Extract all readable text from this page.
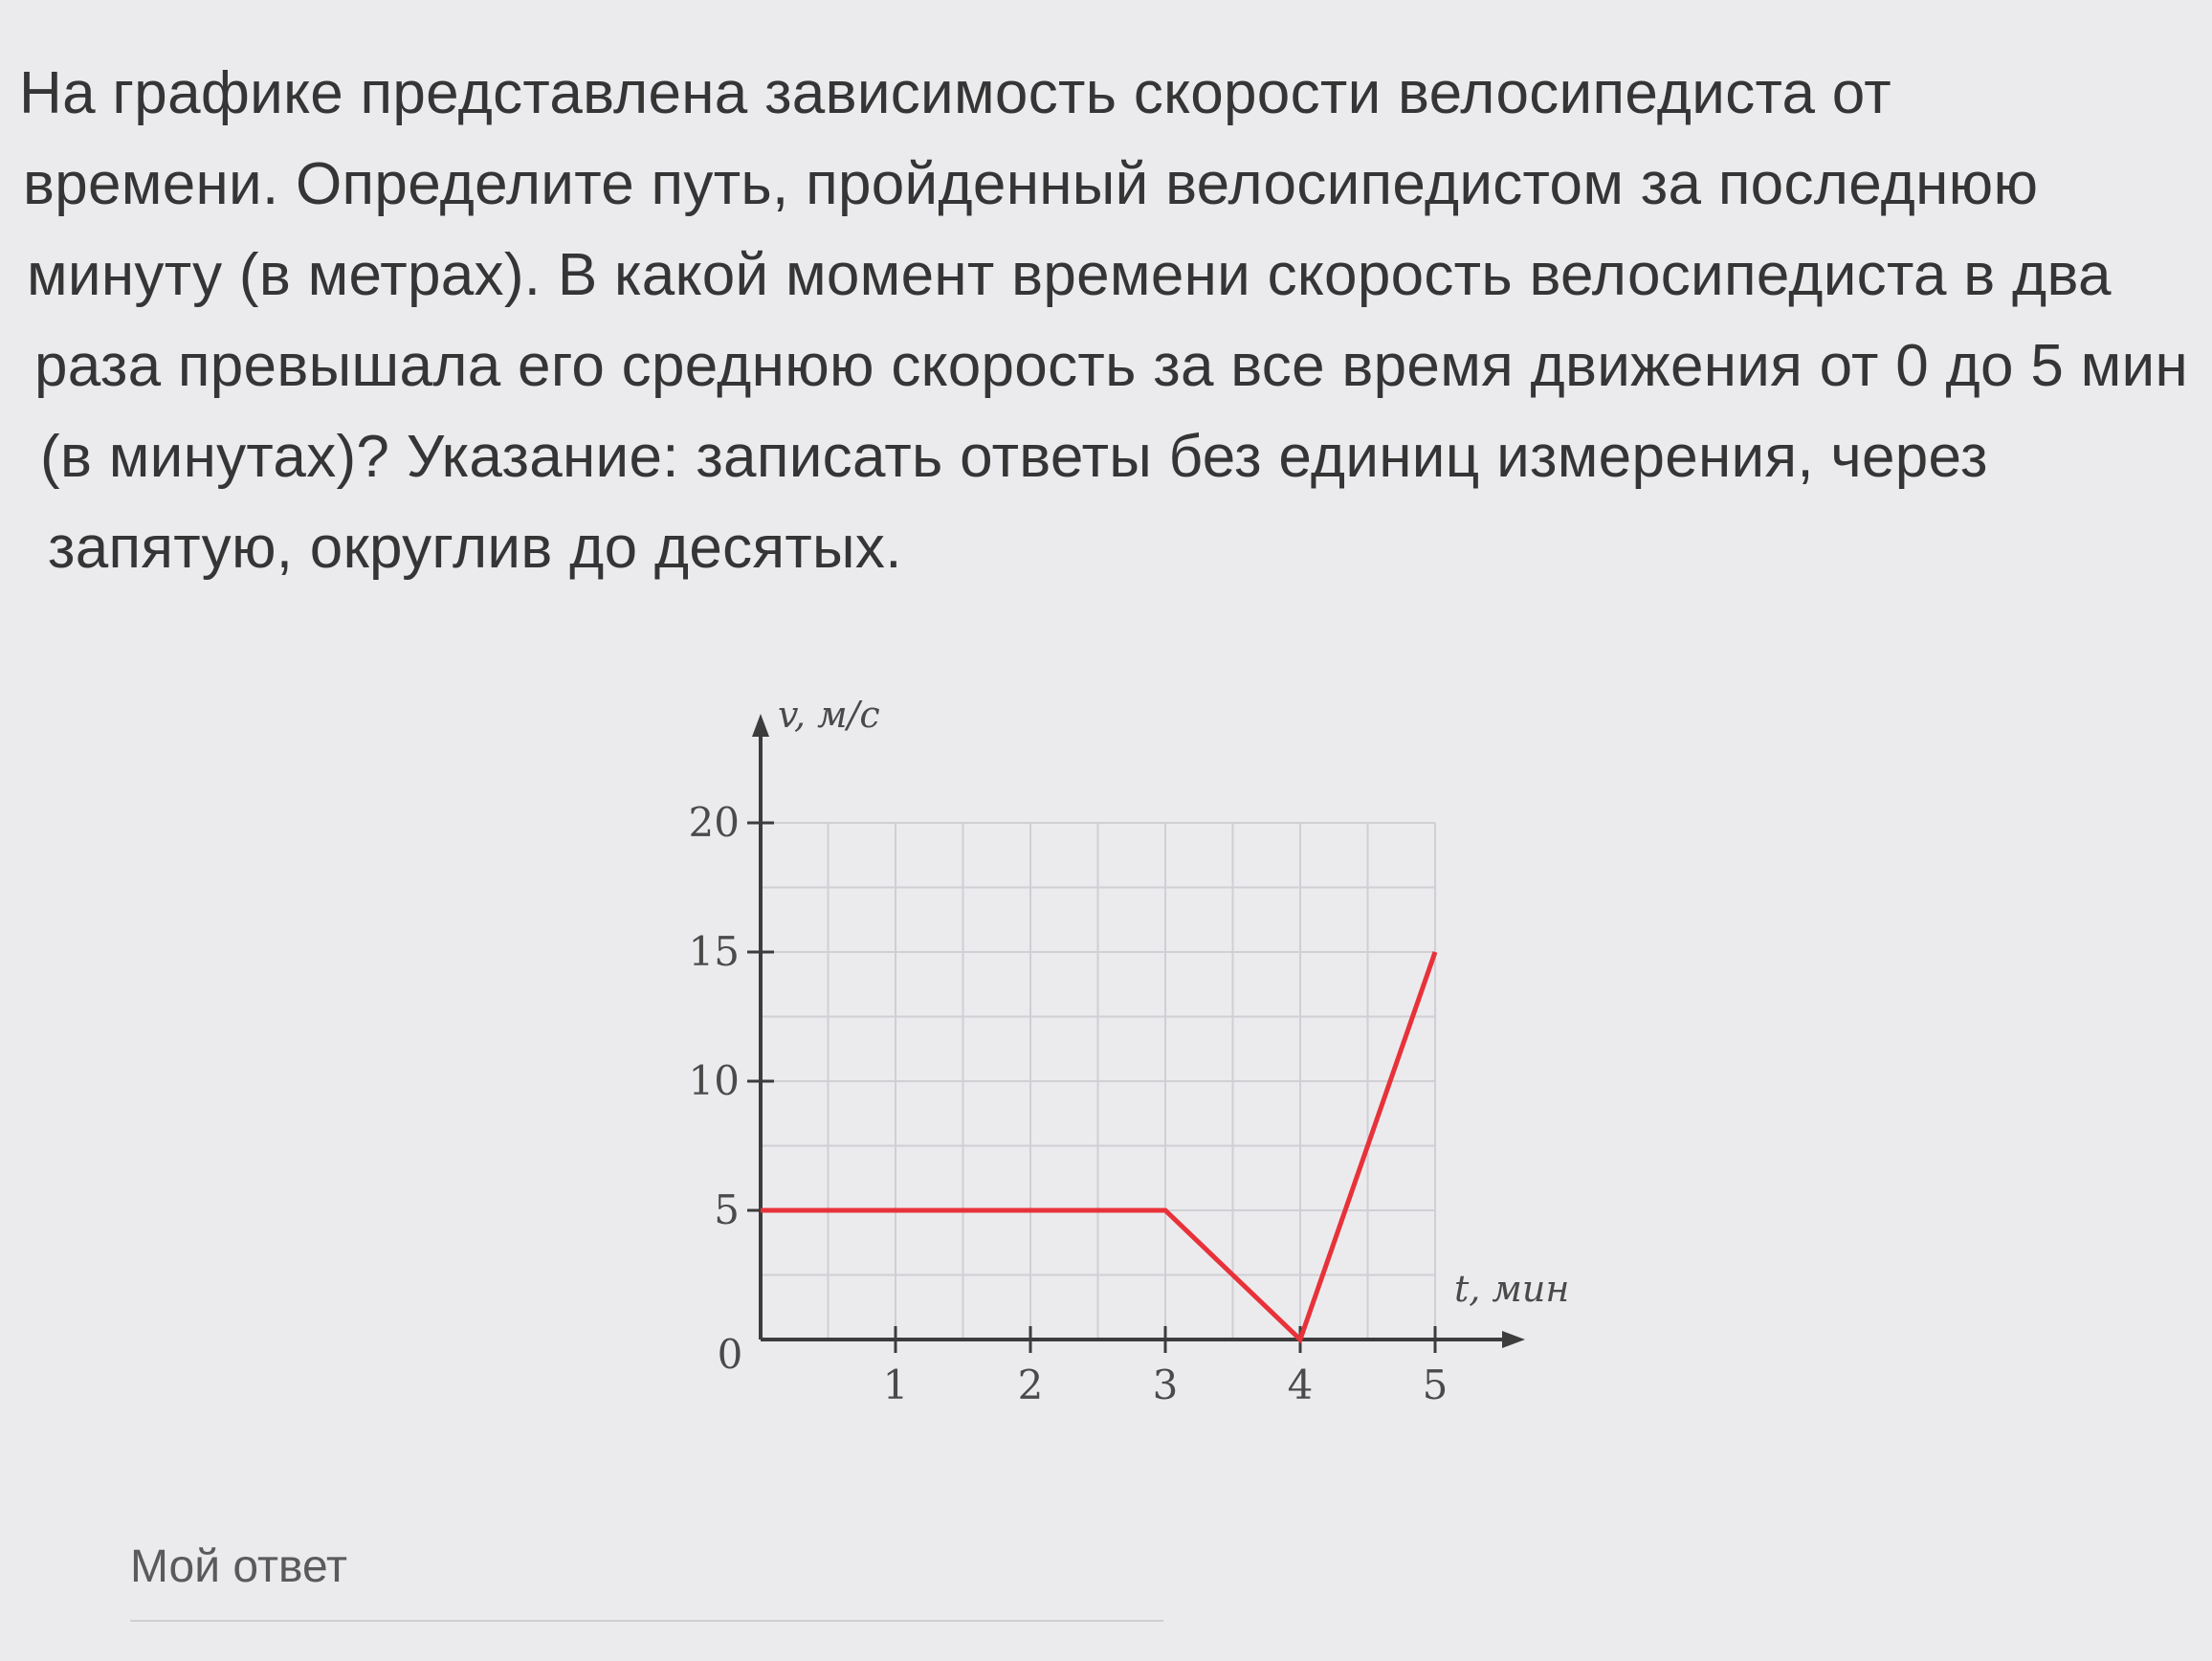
На графике представлена зависимость скорости велосипедиста от
времени. Определите путь, пройденный велосипедистом за последнюю
минуту (в метрах). В какой момент времени скорость велосипедиста в два
раза превышала его среднюю скорость за все время движения от 0 до 5 мин
(в минутах)? Указание: записать ответы без единиц измерения, через
запятую, округлив до десятых.
5
10
15
20
1	2	3	4	5
0
v, м/с
t, мин
Мой ответ
